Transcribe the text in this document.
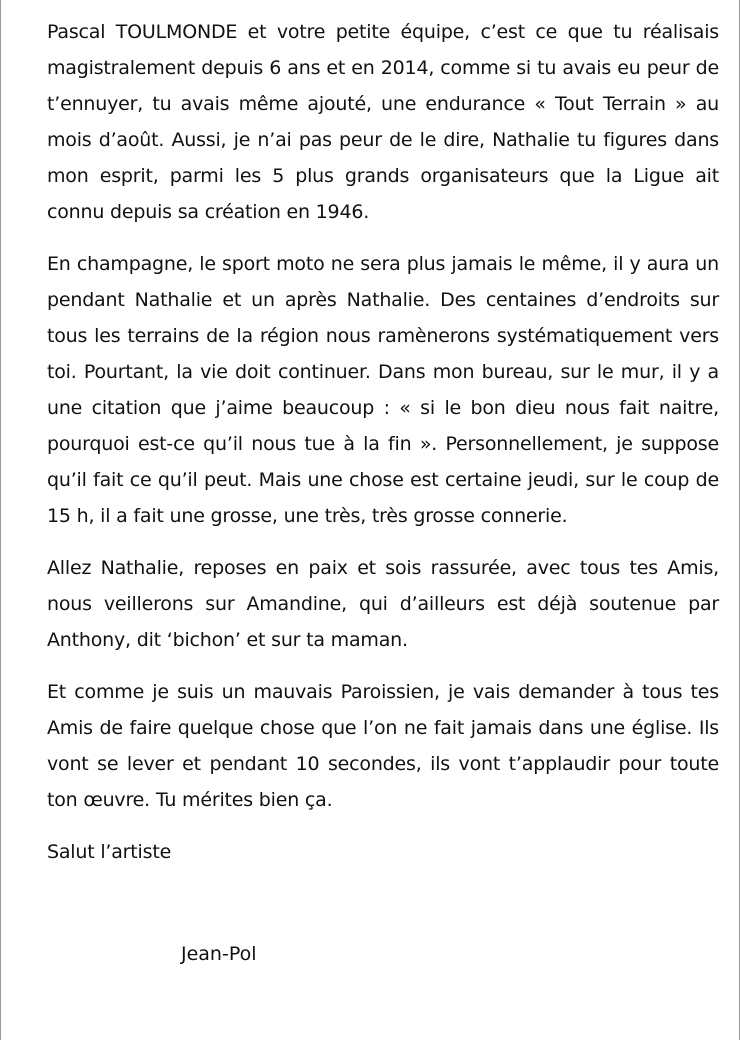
Pascal TOULMONDE et votre petite équipe, c’est ce que tu réalisais magistralement depuis 6 ans et en 2014, comme si tu avais eu peur de t’ennuyer, tu avais même ajouté, une endurance « Tout Terrain » au mois d’août. Aussi, je n’ai pas peur de le dire, Nathalie tu figures dans mon esprit, parmi les 5 plus grands organisateurs que la Ligue ait connu depuis sa création en 1946.

En champagne, le sport moto ne sera plus jamais le même, il y aura un pendant Nathalie et un après Nathalie. Des centaines d’endroits sur tous les terrains de la région nous ramènerons systématiquement vers toi. Pourtant, la vie doit continuer. Dans mon bureau, sur le mur, il y a une citation que j’aime beaucoup : « si le bon dieu nous fait naitre, pourquoi est-ce qu’il nous tue à la fin ». Personnellement, je suppose qu’il fait ce qu’il peut. Mais une chose est certaine jeudi, sur le coup de 15 h, il a fait une grosse, une très, très grosse connerie.

Allez Nathalie, reposes en paix et sois rassurée, avec tous tes Amis, nous veillerons sur Amandine, qui d’ailleurs est déjà soutenue par Anthony, dit ‘bichon’ et sur ta maman.

Et comme je suis un mauvais Paroissien, je vais demander à tous tes Amis de faire quelque chose que l’on ne fait jamais dans une église. Ils vont se lever et pendant 10 secondes, ils vont t’applaudir pour toute ton œuvre. Tu mérites bien ça.

Salut l’artiste

Jean-Pol
